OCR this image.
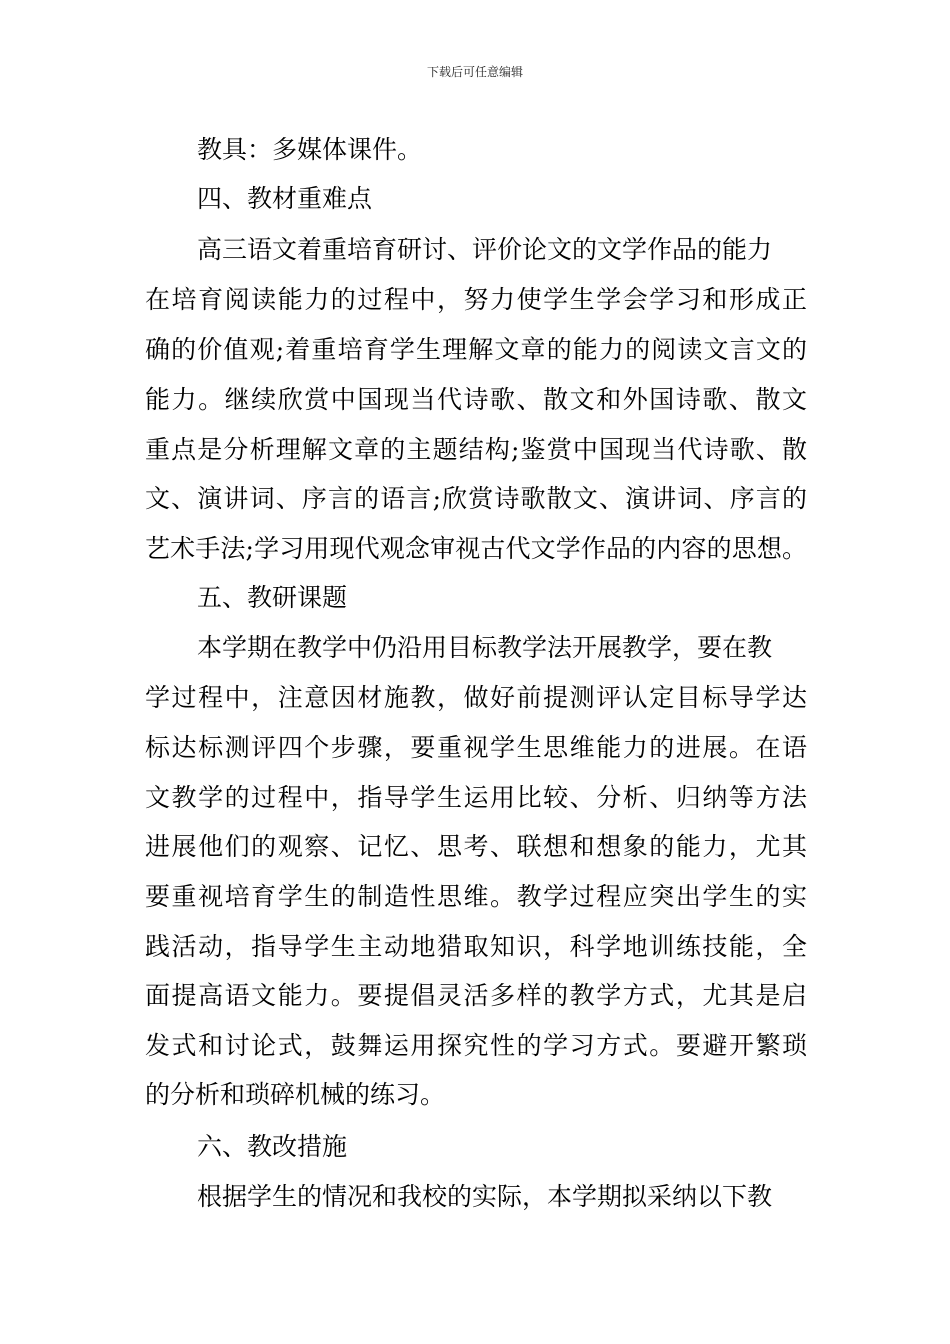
下载后可任意编辑
教具：多媒体课件。
四、教材重难点
高三语文着重培育研讨、评价论文的文学作品的能力
在培育阅读能力的过程中，努力使学生学会学习和形成正
确的价值观;着重培育学生理解文章的能力的阅读文言文的
能力。继续欣赏中国现当代诗歌、散文和外国诗歌、散文
重点是分析理解文章的主题结构;鉴赏中国现当代诗歌、散
文、演讲词、序言的语言;欣赏诗歌散文、演讲词、序言的
艺术手法;学习用现代观念审视古代文学作品的内容的思想。
五、教研课题
本学期在教学中仍沿用目标教学法开展教学，要在教
学过程中，注意因材施教，做好前提测评认定目标导学达
标达标测评四个步骤，要重视学生思维能力的进展。在语
文教学的过程中，指导学生运用比较、分析、归纳等方法
进展他们的观察、记忆、思考、联想和想象的能力，尤其
要重视培育学生的制造性思维。教学过程应突出学生的实
践活动，指导学生主动地猎取知识，科学地训练技能，全
面提高语文能力。要提倡灵活多样的教学方式，尤其是启
发式和讨论式，鼓舞运用探究性的学习方式。要避开繁琐
的分析和琐碎机械的练习。
六、教改措施
根据学生的情况和我校的实际，本学期拟采纳以下教
